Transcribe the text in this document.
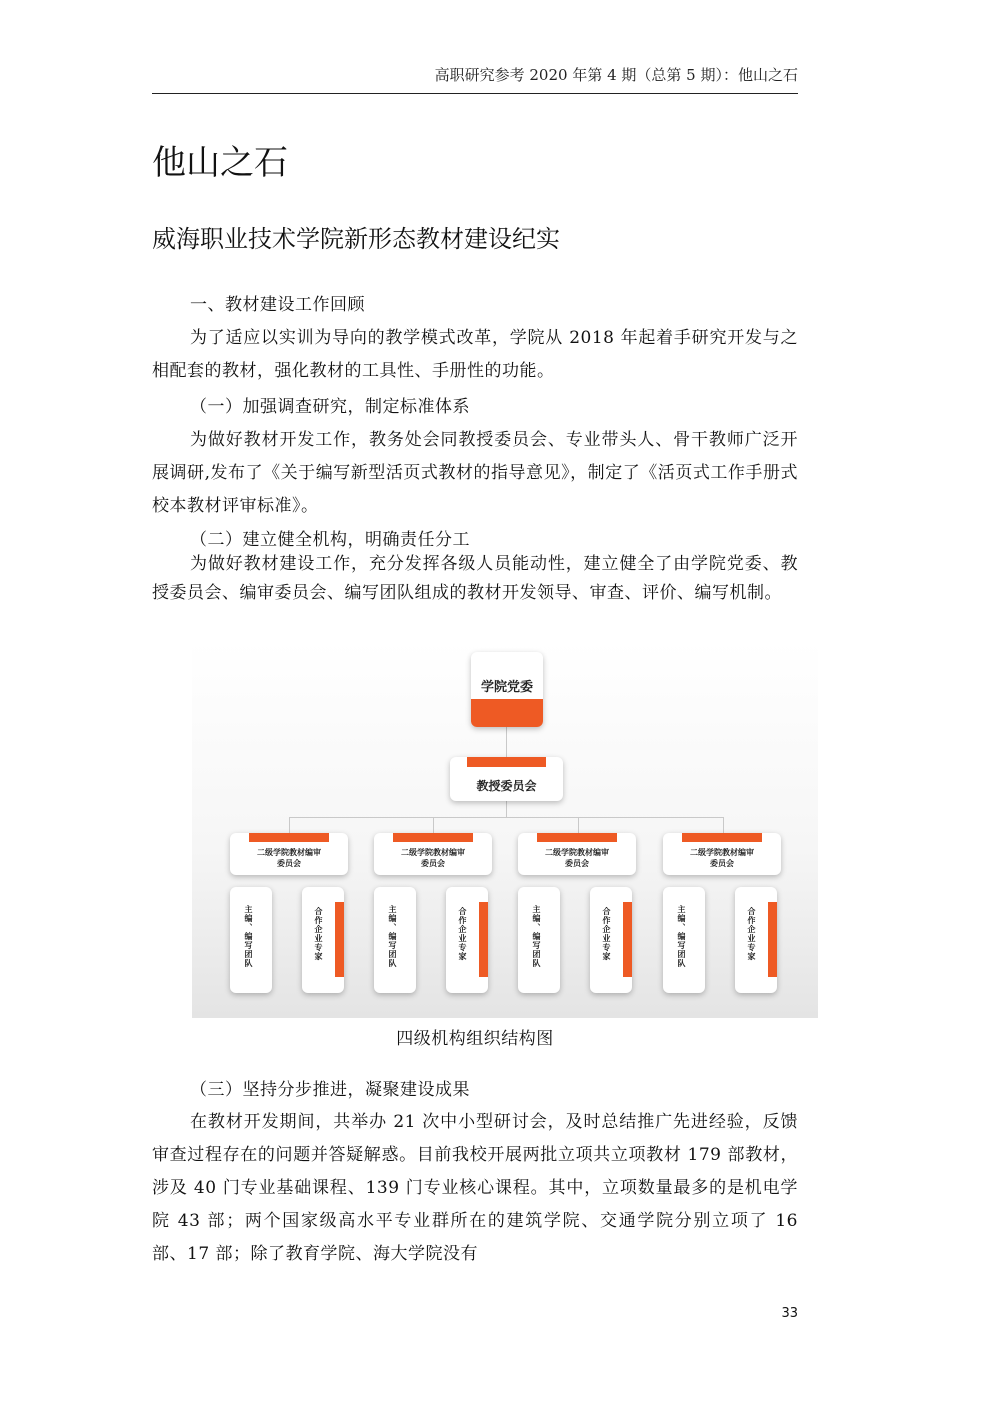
高职研究参考 2020 年第 4 期（总第 5 期）：他山之石
他山之石
威海职业技术学院新形态教材建设纪实
一、教材建设工作回顾

为了适应以实训为导向的教学模式改革，学院从 2018 年起着手研究开发与之相配套的教材，强化教材的工具性、手册性的功能。

（一）加强调查研究，制定标准体系

为做好教材开发工作，教务处会同教授委员会、专业带头人、骨干教师广泛开展调研,发布了《关于编写新型活页式教材的指导意见》，制定了《活页式工作手册式校本教材评审标准》。

（二）建立健全机构，明确责任分工

为做好教材建设工作，充分发挥各级人员能动性，建立健全了由学院党委、教授委员会、编审委员会、编写团队组成的教材开发领导、审查、评价、编写机制。

学院党委
教授委员会
二级学院教材编审
委员会
主编、编写团队	合作企业专家
二级学院教材编审
委员会
主编、编写团队	合作企业专家
二级学院教材编审
委员会
主编、编写团队	合作企业专家
二级学院教材编审
委员会
主编、编写团队	合作企业专家
四级机构组织结构图
（三）坚持分步推进，凝聚建设成果

在教材开发期间，共举办 21 次中小型研讨会，及时总结推广先进经验，反馈审查过程存在的问题并答疑解惑。目前我校开展两批立项共立项教材 179 部教材，涉及 40 门专业基础课程、139 门专业核心课程。其中，立项数量最多的是机电学院 43 部；两个国家级高水平专业群所在的建筑学院、交通学院分别立项了 16 部、17 部；除了教育学院、海大学院没有

33
